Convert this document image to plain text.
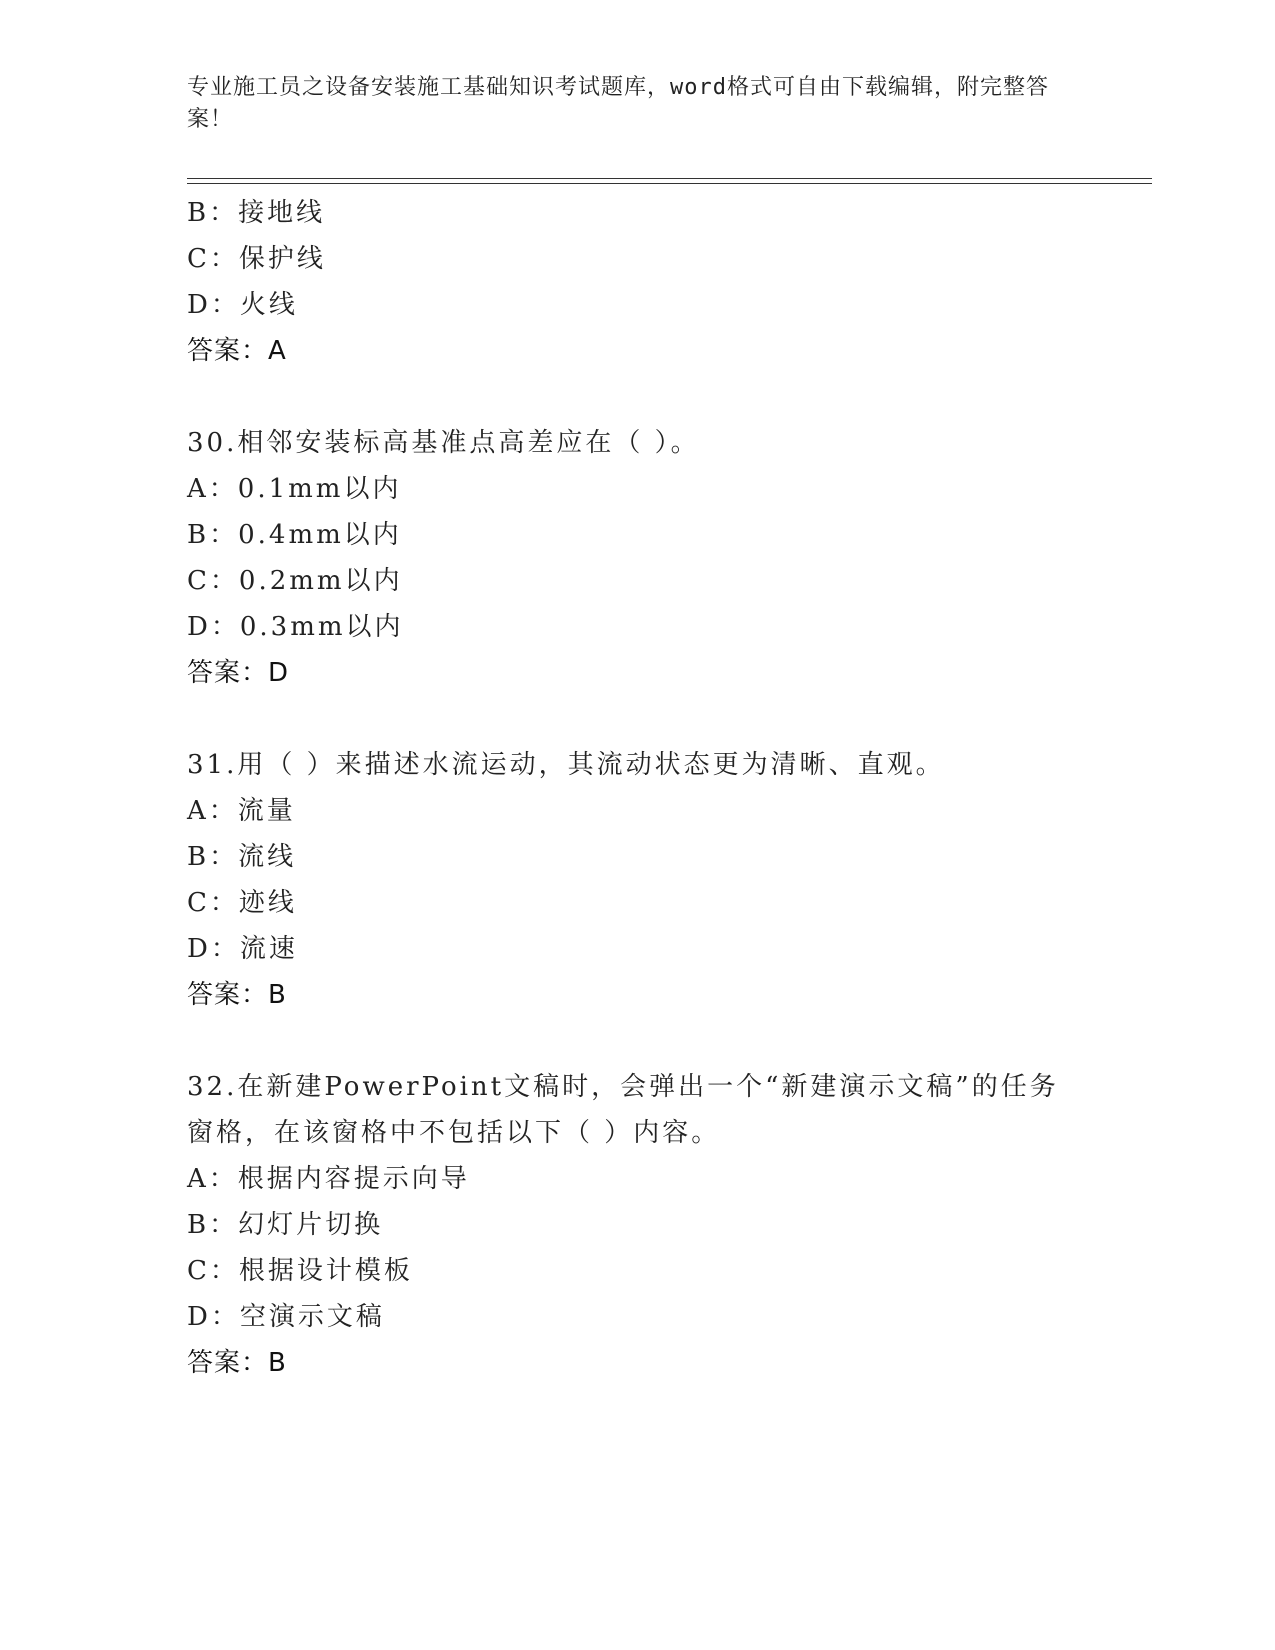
专业施工员之设备安装施工基础知识考试题库，word格式可自由下载编辑，附完整答案！
B：接地线
C：保护线
D：火线
答案：A
30.相邻安装标高基准点高差应在（ ）。
A：0.1mm以内
B：0.4mm以内
C：0.2mm以内
D：0.3mm以内
答案：D
31.用（ ）来描述水流运动，其流动状态更为清晰、直观。
A：流量
B：流线
C：迹线
D：流速
答案：B
32.在新建PowerPoint文稿时，会弹出一个“新建演示文稿”的任务窗格，在该窗格中不包括以下（ ）内容。
A：根据内容提示向导
B：幻灯片切换
C：根据设计模板
D：空演示文稿
答案：B
